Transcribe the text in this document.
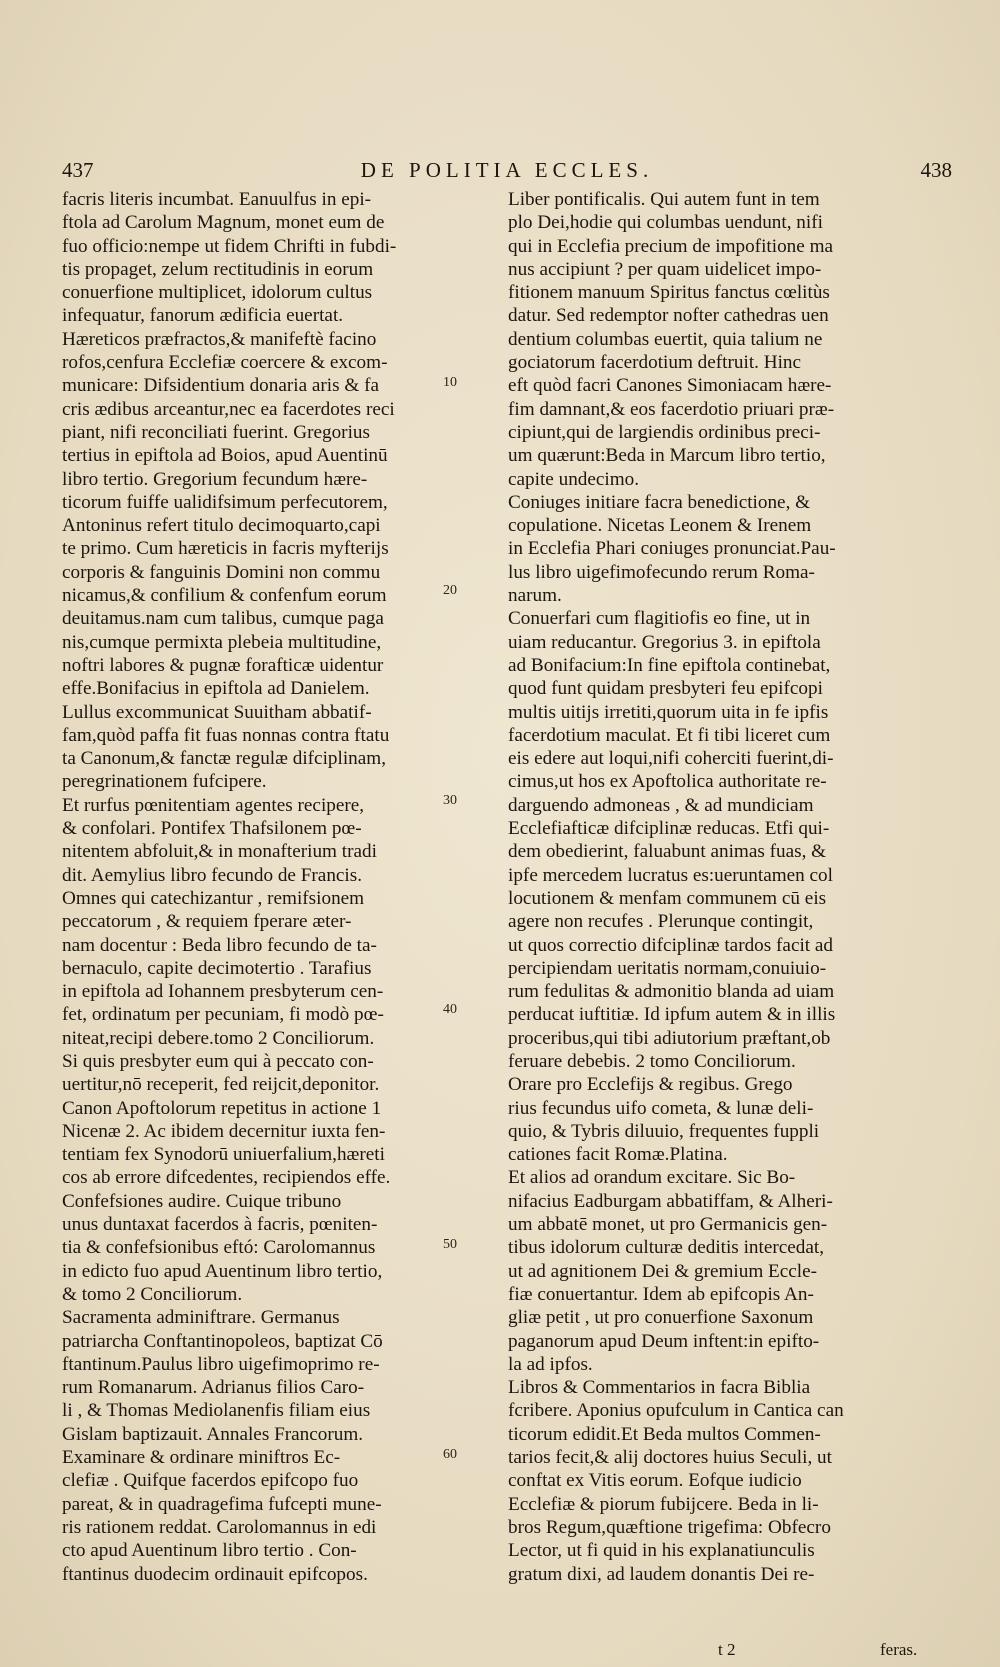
437	DE POLITIA ECCLES.	438
facris literis incumbat. Eanuulfus in epi-
ftola ad Carolum Magnum, monet eum de
fuo officio:nempe ut fidem Chrifti in fubdi-
tis propaget, zelum rectitudinis in eorum
conuerfione multiplicet, idolorum cultus
infequatur, fanorum ædificia euertat.
Hæreticos præfractos,& manifeftè facino
rofos,cenfura Ecclefiæ coercere & excom-
municare: Difsidentium donaria aris & fa
cris ædibus arceantur,nec ea facerdotes reci
piant, nifi reconciliati fuerint. Gregorius
tertius in epiftola ad Boios, apud Auentinū
libro tertio. Gregorium fecundum hære-
ticorum fuiffe ualidifsimum perfecutorem,
Antoninus refert titulo decimoquarto,capi
te primo. Cum hæreticis in facris myfterijs
corporis & fanguinis Domini non commu
nicamus,& confilium & confenfum eorum
deuitamus.nam cum talibus, cumque paga
nis,cumque permixta plebeia multitudine,
noftri labores & pugnæ forafticæ uidentur
effe.Bonifacius in epiftola ad Danielem.
Lullus excommunicat Suuitham abbatif-
fam,quòd paffa fit fuas nonnas contra ftatu
ta Canonum,& fanctæ regulæ difciplinam,
peregrinationem fufcipere.
Et rurfus pœnitentiam agentes recipere,
& confolari. Pontifex Thafsilonem pœ-
nitentem abfoluit,& in monafterium tradi
dit. Aemylius libro fecundo de Francis.
Omnes qui catechizantur , remifsionem
peccatorum , & requiem fperare æter-
nam docentur : Beda libro fecundo de ta-
bernaculo, capite decimotertio . Tarafius
in epiftola ad Iohannem presbyterum cen-
fet, ordinatum per pecuniam, fi modò pœ-
niteat,recipi debere.tomo 2 Conciliorum.
Si quis presbyter eum qui à peccato con-
uertitur,nō receperit, fed reijcit,deponitor.
Canon Apoftolorum repetitus in actione 1
Nicenæ 2. Ac ibidem decernitur iuxta fen-
tentiam fex Synodorū uniuerfalium,hæreti
cos ab errore difcedentes, recipiendos effe.
Confefsiones audire. Cuique tribuno
unus duntaxat facerdos à facris, pœniten-
tia & confefsionibus eftó: Carolomannus
in edicto fuo apud Auentinum libro tertio,
& tomo 2 Conciliorum.
Sacramenta adminiftrare. Germanus
patriarcha Conftantinopoleos, baptizat Cō
ftantinum.Paulus libro uigefimoprimo re-
rum Romanarum. Adrianus filios Caro-
li , & Thomas Mediolanenfis filiam eius
Gislam baptizauit. Annales Francorum.
Examinare & ordinare miniftros Ec-
clefiæ . Quifque facerdos epifcopo fuo
pareat, & in quadragefima fufcepti mune-
ris rationem reddat. Carolomannus in edi
cto apud Auentinum libro tertio . Con-
ftantinus duodecim ordinauit epifcopos.
10
20
30
40
50
60
Liber pontificalis. Qui autem funt in tem
plo Dei,hodie qui columbas uendunt, nifi
qui in Ecclefia precium de impofitione ma
nus accipiunt ? per quam uidelicet impo-
fitionem manuum Spiritus fanctus cœlitùs
datur. Sed redemptor nofter cathedras uen
dentium columbas euertit, quia talium ne
gociatorum facerdotium deftruit. Hinc
eft quòd facri Canones Simoniacam hære-
fim damnant,& eos facerdotio priuari præ-
cipiunt,qui de largiendis ordinibus preci-
um quærunt:Beda in Marcum libro tertio,
capite undecimo.
Coniuges initiare facra benedictione, &
copulatione. Nicetas Leonem & Irenem
in Ecclefia Phari coniuges pronunciat.Pau-
lus libro uigefimofecundo rerum Roma-
narum.
Conuerfari cum flagitiofis eo fine, ut in
uiam reducantur. Gregorius 3. in epiftola
ad Bonifacium:In fine epiftola continebat,
quod funt quidam presbyteri feu epifcopi
multis uitijs irretiti,quorum uita in fe ipfis
facerdotium maculat. Et fi tibi liceret cum
eis edere aut loqui,nifi coherciti fuerint,di-
cimus,ut hos ex Apoftolica authoritate re-
darguendo admoneas , & ad mundiciam
Ecclefiafticæ difciplinæ reducas. Etfi qui-
dem obedierint, faluabunt animas fuas, &
ipfe mercedem lucratus es:ueruntamen col
locutionem & menfam communem cū eis
agere non recufes . Plerunque contingit,
ut quos correctio difciplinæ tardos facit ad
percipiendam ueritatis normam,conuiuio-
rum fedulitas & admonitio blanda ad uiam
perducat iuftitiæ. Id ipfum autem & in illis
proceribus,qui tibi adiutorium præftant,ob
feruare debebis. 2 tomo Conciliorum.
Orare pro Ecclefijs & regibus. Grego
rius fecundus uifo cometa, & lunæ deli-
quio, & Tybris diluuio, frequentes fuppli
cationes facit Romæ.Platina.
Et alios ad orandum excitare. Sic Bo-
nifacius Eadburgam abbatiffam, & Alheri-
um abbatē monet, ut pro Germanicis gen-
tibus idolorum culturæ deditis intercedat,
ut ad agnitionem Dei & gremium Eccle-
fiæ conuertantur. Idem ab epifcopis An-
gliæ petit , ut pro conuerfione Saxonum
paganorum apud Deum inftent:in epifto-
la ad ipfos.
Libros & Commentarios in facra Biblia
fcribere. Aponius opufculum in Cantica can
ticorum edidit.Et Beda multos Commen-
tarios fecit,& alij doctores huius Seculi, ut
conftat ex Vitis eorum. Eofque iudicio
Ecclefiæ & piorum fubijcere. Beda in li-
bros Regum,quæftione trigefima: Obfecro
Lector, ut fi quid in his explanatiunculis
gratum dixi, ad laudem donantis Dei re-
t 2	feras.
